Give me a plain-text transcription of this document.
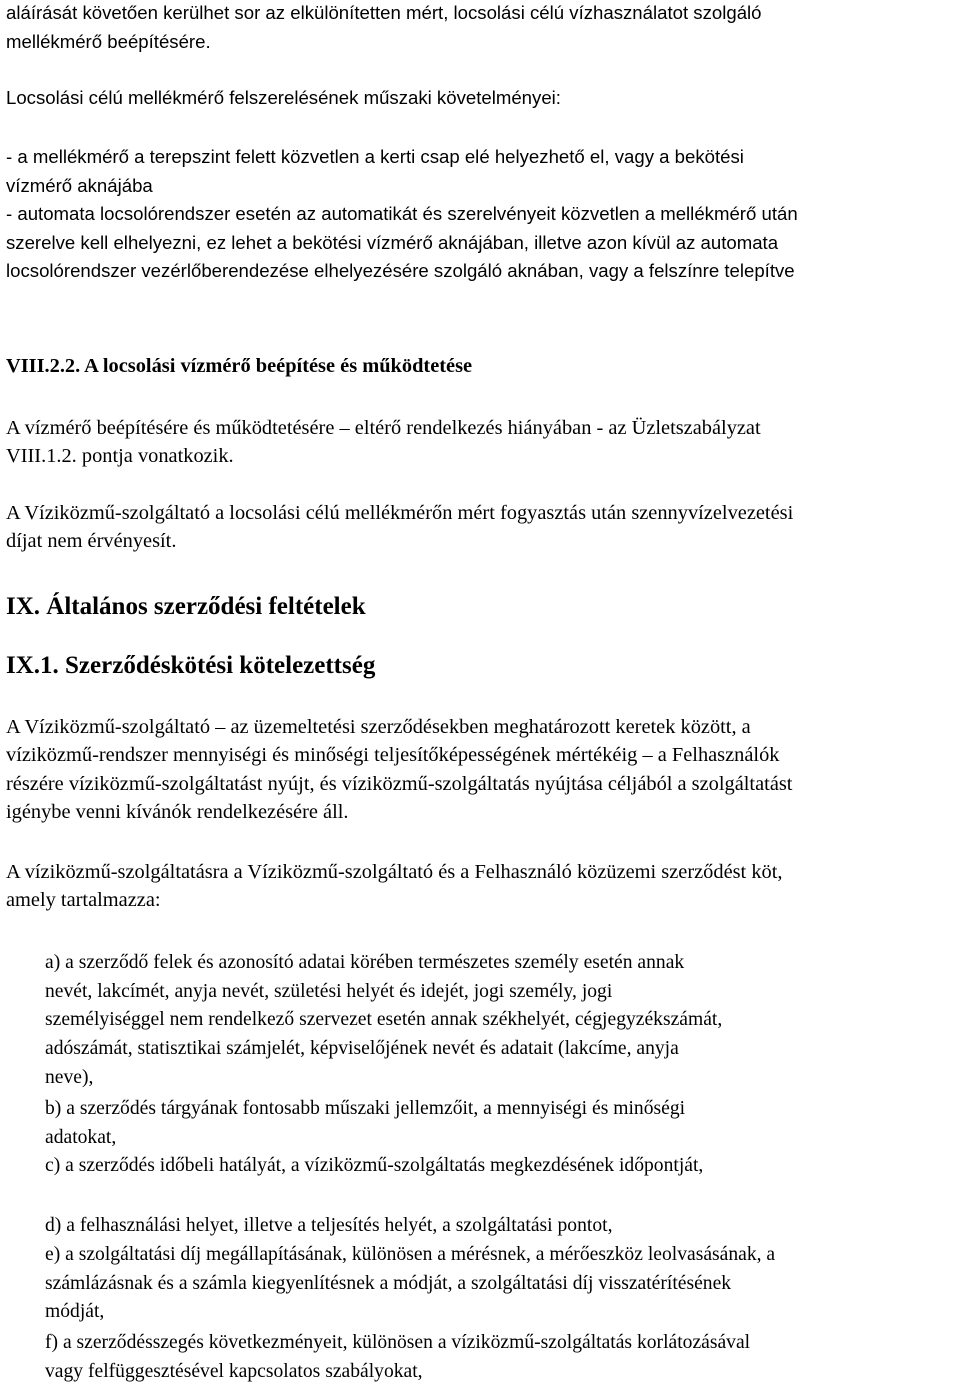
aláírását követően kerülhet sor az elkülönítetten mért, locsolási célú vízhasználatot szolgáló
mellékmérő beépítésére.

Locsolási célú mellékmérő felszerelésének műszaki követelményei:

- a mellékmérő a terepszint felett közvetlen a kerti csap elé helyezhető el, vagy a bekötési
vízmérő aknájába

- automata locsolórendszer esetén az automatikát és szerelvényeit közvetlen a mellékmérő után
szerelve kell elhelyezni, ez lehet a bekötési vízmérő aknájában, illetve azon kívül az automata
locsolórendszer vezérlőberendezése elhelyezésére szolgáló aknában, vagy a felszínre telepítve

VIII.2.2. A locsolási vízmérő beépítése és működtetése

A vízmérő beépítésére és működtetésére – eltérő rendelkezés hiányában - az Üzletszabályzat
VIII.1.2. pontja vonatkozik.

A Víziközmű-szolgáltató a locsolási célú mellékmérőn mért fogyasztás után szennyvízelvezetési
díjat nem érvényesít.

IX. Általános szerződési feltételek

IX.1. Szerződéskötési kötelezettség

A Víziközmű-szolgáltató – az üzemeltetési szerződésekben meghatározott keretek között, a
víziközmű-rendszer mennyiségi és minőségi teljesítőképességének mértékéig – a Felhasználók
részére víziközmű-szolgáltatást nyújt, és víziközmű-szolgáltatás nyújtása céljából a szolgáltatást
igénybe venni kívánók rendelkezésére áll.

A víziközmű-szolgáltatásra a Víziközmű-szolgáltató és a Felhasználó közüzemi szerződést köt,
amely tartalmazza:

a) a szerződő felek és azonosító adatai körében természetes személy esetén annak
nevét, lakcímét, anyja nevét, születési helyét és idejét, jogi személy, jogi
személyiséggel nem rendelkező szervezet esetén annak székhelyét, cégjegyzékszámát,
adószámát, statisztikai számjelét, képviselőjének nevét és adatait (lakcíme, anyja
neve),

b) a szerződés tárgyának fontosabb műszaki jellemzőit, a mennyiségi és minőségi
adatokat,

c) a szerződés időbeli hatályát, a víziközmű-szolgáltatás megkezdésének időpontját,

d) a felhasználási helyet, illetve a teljesítés helyét, a szolgáltatási pontot,

e) a szolgáltatási díj megállapításának, különösen a mérésnek, a mérőeszköz leolvasásának, a
számlázásnak és a számla kiegyenlítésnek a módját, a szolgáltatási díj visszatérítésének
módját,

f) a szerződésszegés következményeit, különösen a víziközmű-szolgáltatás korlátozásával
vagy felfüggesztésével kapcsolatos szabályokat,
